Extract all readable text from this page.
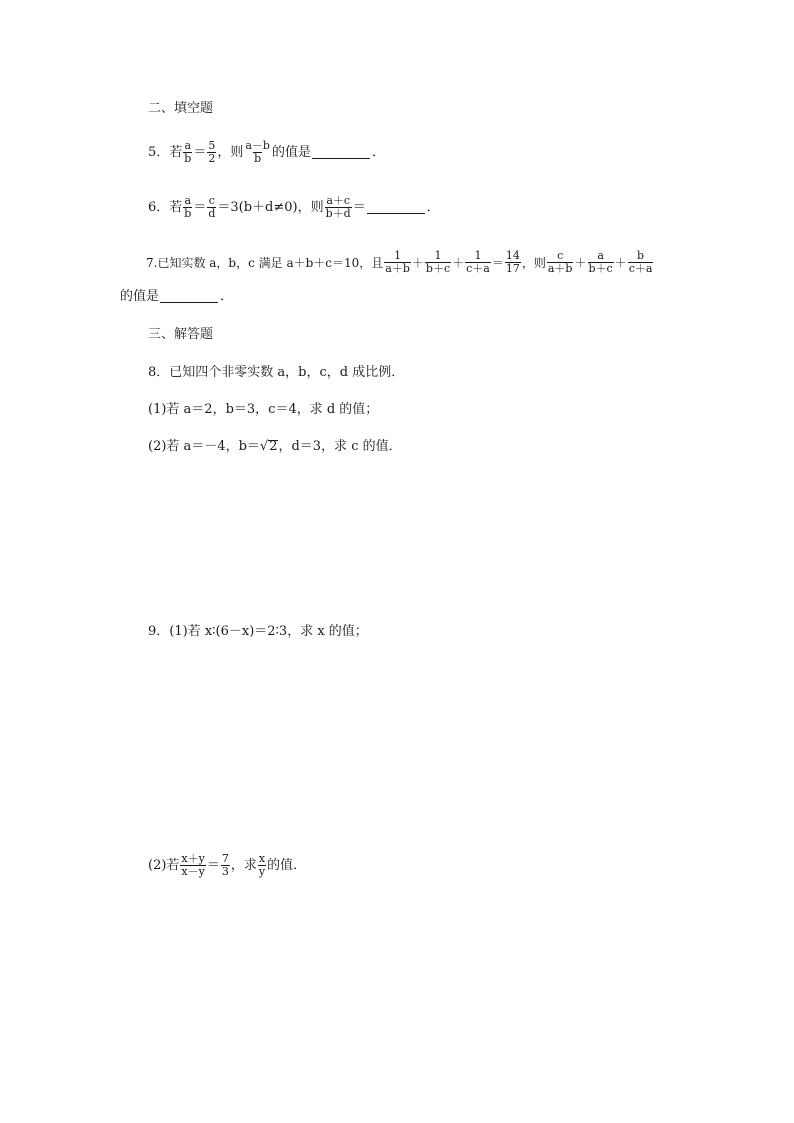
二、填空题
5．若 $\frac{a}{b} = \frac{5}{2}$ ，则 $\frac{a-b}{b}$ 的值是	．
6．若 $\frac{a}{b} = \frac{c}{d} =3(b+d\ne 0)$，则 $\frac{a+c}{b+d}$ ＝	．
7.已知实数 a，b，c 满足 a＋b＋c＝10，且 $\frac{1}{a+b} + \frac{1}{b+c} + \frac{1}{c+a} = \frac{14}{17}$ ，则 $\frac{c}{a+b} + \frac{a}{b+c} + \frac{b}{c+a}$
的值是	．
三、解答题
8．已知四个非零实数 a，b，c，d 成比例．
(1)若 a＝2，b＝3，c＝4，求 d 的值；
(2)若 a＝－4，b＝ √ 2 ，d＝3，求 c 的值．
9．(1)若 x∶(6－x)＝2∶3，求 x 的值；
(2)若 $\frac{x+y}{x-y} = \frac{7}{3}$ ，求 $\frac{x}{y}$ 的值．
